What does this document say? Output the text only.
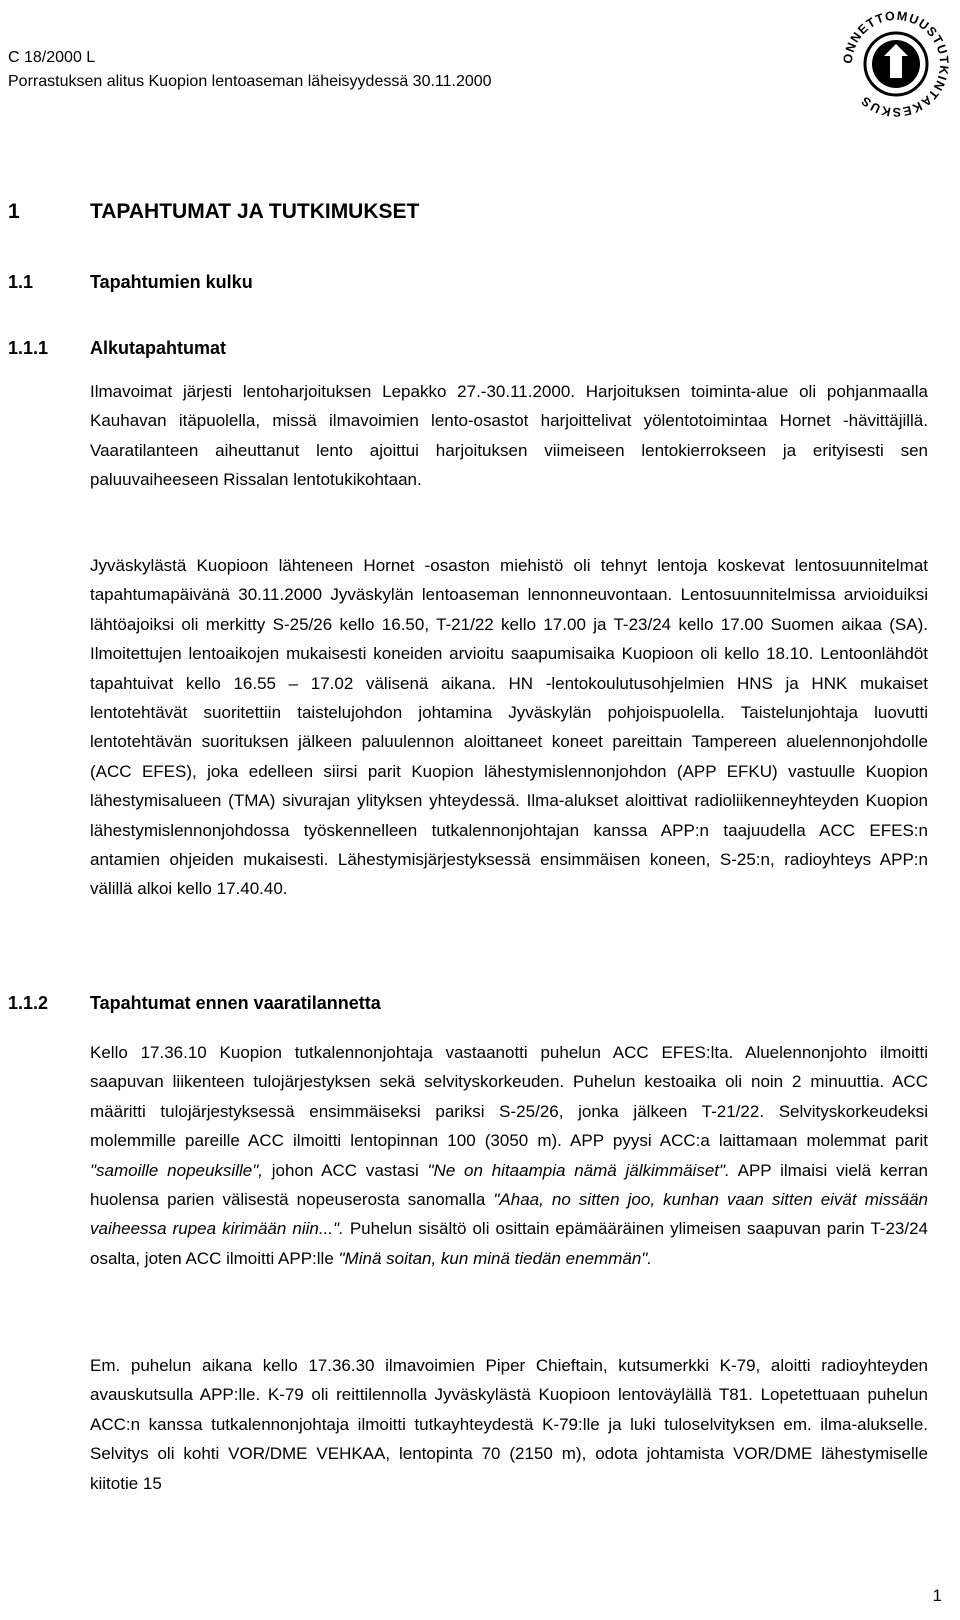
C 18/2000 L
Porrastuksen alitus Kuopion lentoaseman läheisyydessä 30.11.2000
ONNETTOMUUSTUTKINTAKESKUS
1	TAPAHTUMAT JA TUTKIMUKSET
1.1	Tapahtumien kulku
1.1.1 Alkutapahtumat

Ilmavoimat järjesti lentoharjoituksen Lepakko 27.-30.11.2000. Harjoituksen toiminta-alue oli pohjanmaalla Kauhavan itäpuolella, missä ilmavoimien lento-osastot harjoittelivat yölentotoimintaa Hornet -hävittäjillä. Vaaratilanteen aiheuttanut lento ajoittui harjoituksen viimeiseen lentokierrokseen ja erityisesti sen paluuvaiheeseen Rissalan lentotukikohtaan.

Jyväskylästä Kuopioon lähteneen Hornet -osaston miehistö oli tehnyt lentoja koskevat lentosuunnitelmat tapahtumapäivänä 30.11.2000 Jyväskylän lentoaseman lennonneuvontaan. Lentosuunnitelmissa arvioiduiksi lähtöajoiksi oli merkitty S-25/26 kello 16.50, T-21/22 kello 17.00 ja T-23/24 kello 17.00 Suomen aikaa (SA). Ilmoitettujen lentoaikojen mukaisesti koneiden arvioitu saapumisaika Kuopioon oli kello 18.10. Lentoonlähdöt tapahtuivat kello 16.55 – 17.02 välisenä aikana. HN -lentokoulutusohjelmien HNS ja HNK mukaiset lentotehtävät suoritettiin taistelujohdon johtamina Jyväskylän pohjoispuolella. Taistelunjohtaja luovutti lentotehtävän suorituksen jälkeen paluulennon aloittaneet koneet pareittain Tampereen aluelennonjohdolle (ACC EFES), joka edelleen siirsi parit Kuopion lähestymislennonjohdon (APP EFKU) vastuulle Kuopion lähestymisalueen (TMA) sivurajan ylityksen yhteydessä. Ilma-alukset aloittivat radioliikenneyhteyden Kuopion lähestymislennonjohdossa työskennelleen tutkalennonjohtajan kanssa APP:n taajuudella ACC EFES:n antamien ohjeiden mukaisesti. Lähestymisjärjestyksessä ensimmäisen koneen, S-25:n, radioyhteys APP:n välillä alkoi kello 17.40.40.

1.1.2 Tapahtumat ennen vaaratilannetta

Kello 17.36.10 Kuopion tutkalennonjohtaja vastaanotti puhelun ACC EFES:lta. Aluelennonjohto ilmoitti saapuvan liikenteen tulojärjestyksen sekä selvityskorkeuden. Puhelun kestoaika oli noin 2 minuuttia. ACC määritti tulojärjestyksessä ensimmäiseksi pariksi S-25/26, jonka jälkeen T-21/22. Selvityskorkeudeksi molemmille pareille ACC ilmoitti lentopinnan 100 (3050 m). APP pyysi ACC:a laittamaan molemmat parit "samoille nopeuksille", johon ACC vastasi "Ne on hitaampia nämä jälkimmäiset". APP ilmaisi vielä kerran huolensa parien välisestä nopeuserosta sanomalla "Ahaa, no sitten joo, kunhan vaan sitten eivät missään vaiheessa rupea kirimään niin...". Puhelun sisältö oli osittain epämääräinen ylimeisen saapuvan parin T-23/24 osalta, joten ACC ilmoitti APP:lle "Minä soitan, kun minä tiedän enemmän".

Em. puhelun aikana kello 17.36.30 ilmavoimien Piper Chieftain, kutsumerkki K-79, aloitti radioyhteyden avauskutsulla APP:lle. K-79 oli reittilennolla Jyväskylästä Kuopioon lentoväylällä T81. Lopetettuaan puhelun ACC:n kanssa tutkalennonjohtaja ilmoitti tutkayhteydestä K-79:lle ja luki tuloselvityksen em. ilma-alukselle. Selvitys oli kohti VOR/DME VEHKAA, lentopinta 70 (2150 m), odota johtamista VOR/DME lähestymiselle kiitotie 15

1
